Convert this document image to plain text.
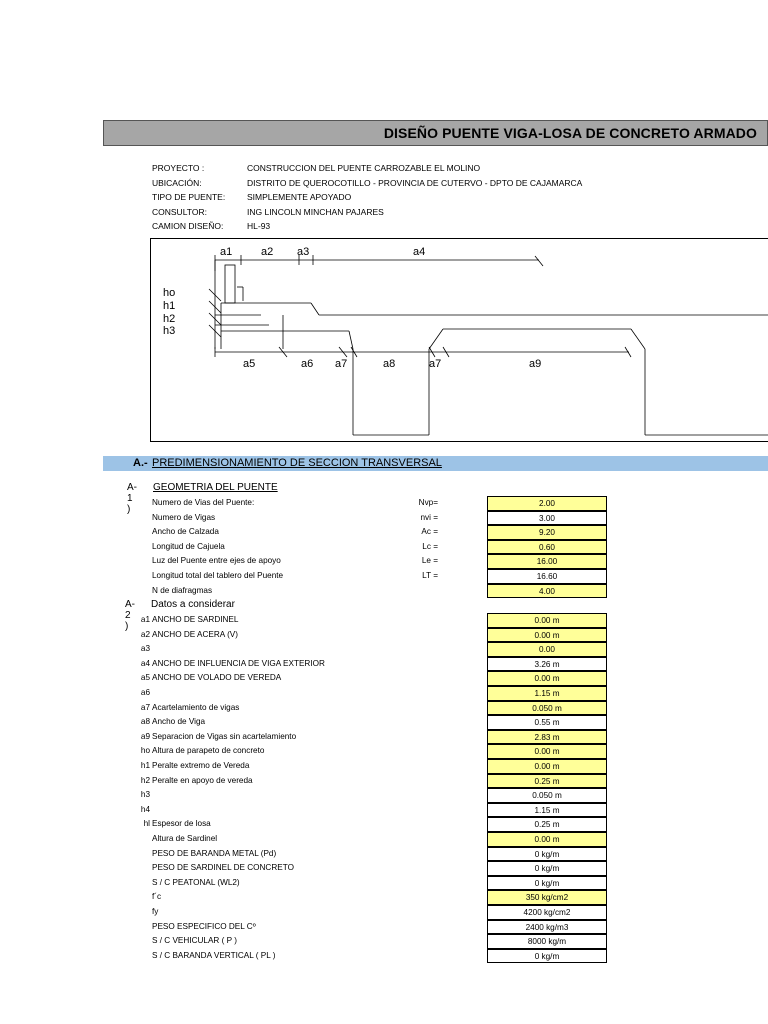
DISEÑO PUENTE VIGA-LOSA DE CONCRETO ARMADO
PROYECTO :	CONSTRUCCION DEL PUENTE CARROZABLE EL MOLINO
UBICACIÓN:	DISTRITO DE QUEROCOTILLO - PROVINCIA DE CUTERVO - DPTO DE CAJAMARCA
TIPO DE PUENTE:	SIMPLEMENTE APOYADO
CONSULTOR:	ING LINCOLN MINCHAN PAJARES
CAMION DISEÑO:	HL-93
a1	a2 a3	a4
ho
h1
h2
h3
a5	a6 a7	a8	a7	a9
A.- PREDIMENSIONAMIENTO DE SECCION TRANSVERSAL
A-1 )
GEOMETRIA DEL PUENTE
Numero de Vias del Puente:	Nvp=	2.00
Numero de Vigas	nvi =	3.00
Ancho de Calzada	Ac =	9.20
Longitud de Cajuela	Lc =	0.60
Luz del Puente entre ejes de apoyo	Le =	16.00
Longitud total del tablero del Puente	LT =	16.60
N de diafragmas	4.00
A-2 )
Datos a considerar
a1 ANCHO DE SARDINEL	0.00 m
a2 ANCHO DE ACERA (V)	0.00 m
a3	0.00
a4 ANCHO DE INFLUENCIA DE VIGA EXTERIOR	3.26 m
a5 ANCHO DE VOLADO DE VEREDA	0.00 m
a6	1.15 m
a7 Acartelamiento de vigas	0.050 m
a8 Ancho de Viga	0.55 m
a9 Separacion de Vigas sin acartelamiento	2.83 m
ho Altura de parapeto de concreto	0.00 m
h1 Peralte extremo de Vereda	0.00 m
h2 Peralte en apoyo de vereda	0.25 m
h3	0.050 m
h4	1.15 m
hl Espesor de losa	0.25 m
Altura de Sardinel	0.00 m
PESO DE BARANDA METAL (Pd)	0 kg/m
PESO DE SARDINEL DE CONCRETO	0 kg/m
S / C PEATONAL (WL2)	0 kg/m
f´c	350 kg/cm2
fy	4200 kg/cm2
PESO ESPECIFICO DEL Cº	2400 kg/m3
S / C VEHICULAR ( P )	8000 kg/m
S / C BARANDA VERTICAL ( PL )	0 kg/m
